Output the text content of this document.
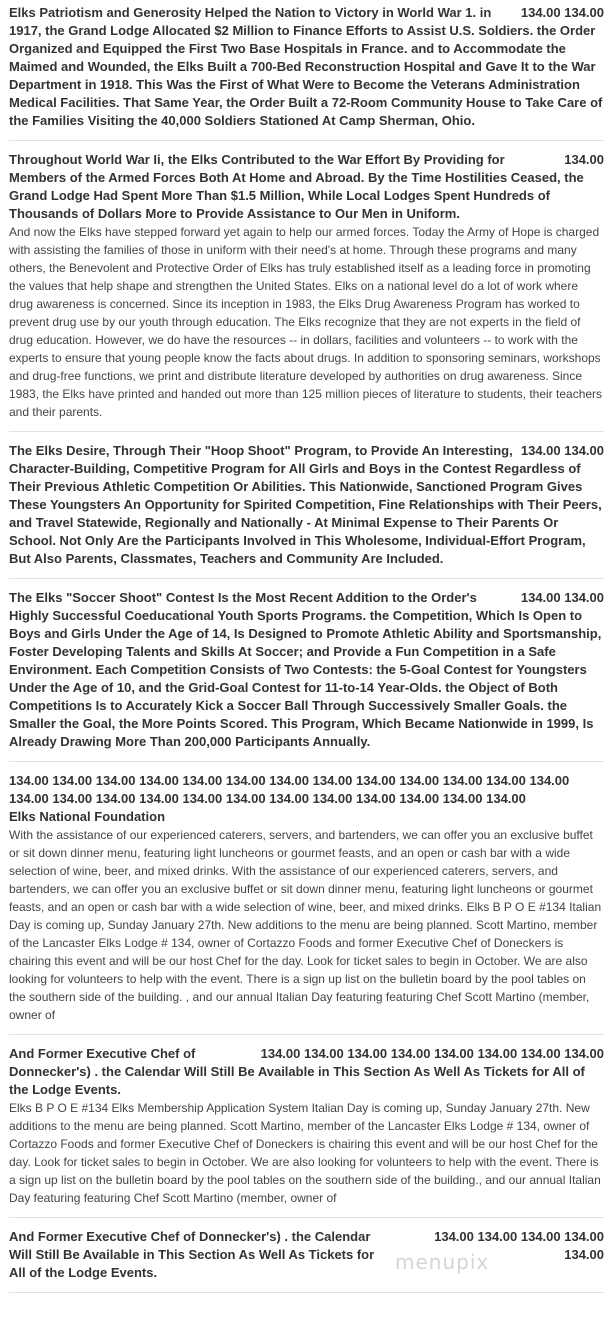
134.00 134.00

Elks Patriotism and Generosity Helped the Nation to Victory in World War 1. in 1917, the Grand Lodge Allocated $2 Million to Finance Efforts to Assist U.S. Soldiers. the Order Organized and Equipped the First Two Base Hospitals in France. and to Accommodate the Maimed and Wounded, the Elks Built a 700-Bed Reconstruction Hospital and Gave It to the War Department in 1918. This Was the First of What Were to Become the Veterans Administration Medical Facilities. That Same Year, the Order Built a 72-Room Community House to Take Care of the Families Visiting the 40,000 Soldiers Stationed At Camp Sherman, Ohio.

134.00

Throughout World War Ii, the Elks Contributed to the War Effort By Providing for Members of the Armed Forces Both At Home and Abroad. By the Time Hostilities Ceased, the Grand Lodge Had Spent More Than $1.5 Million, While Local Lodges Spent Hundreds of Thousands of Dollars More to Provide Assistance to Our Men in Uniform.

And now the Elks have stepped forward yet again to help our armed forces. Today the Army of Hope is charged with assisting the families of those in uniform with their need's at home. Through these programs and many others, the Benevolent and Protective Order of Elks has truly established itself as a leading force in promoting the values that help shape and strengthen the United States. Elks on a national level do a lot of work where drug awareness is concerned. Since its inception in 1983, the Elks Drug Awareness Program has worked to prevent drug use by our youth through education. The Elks recognize that they are not experts in the field of drug education. However, we do have the resources -- in dollars, facilities and volunteers -- to work with the experts to ensure that young people know the facts about drugs. In addition to sponsoring seminars, workshops and drug-free functions, we print and distribute literature developed by authorities on drug awareness. Since 1983, the Elks have printed and handed out more than 125 million pieces of literature to students, their teachers and their parents.

134.00 134.00

The Elks Desire, Through Their "Hoop Shoot" Program, to Provide An Interesting, Character-Building, Competitive Program for All Girls and Boys in the Contest Regardless of Their Previous Athletic Competition Or Abilities. This Nationwide, Sanctioned Program Gives These Youngsters An Opportunity for Spirited Competition, Fine Relationships with Their Peers, and Travel Statewide, Regionally and Nationally - At Minimal Expense to Their Parents Or School. Not Only Are the Participants Involved in This Wholesome, Individual-Effort Program, But Also Parents, Classmates, Teachers and Community Are Included.

134.00 134.00

The Elks "Soccer Shoot" Contest Is the Most Recent Addition to the Order's Highly Successful Coeducational Youth Sports Programs. the Competition, Which Is Open to Boys and Girls Under the Age of 14, Is Designed to Promote Athletic Ability and Sportsmanship, Foster Developing Talents and Skills At Soccer; and Provide a Fun Competition in a Safe Environment. Each Competition Consists of Two Contests: the 5-Goal Contest for Youngsters Under the Age of 10, and the Grid-Goal Contest for 11-to-14 Year-Olds. the Object of Both Competitions Is to Accurately Kick a Soccer Ball Through Successively Smaller Goals. the Smaller the Goal, the More Points Scored. This Program, Which Became Nationwide in 1999, Is Already Drawing More Than 200,000 Participants Annually.

134.00 134.00 134.00 134.00 134.00 134.00 134.00 134.00 134.00 134.00 134.00 134.00 134.00 134.00 134.00 134.00 134.00 134.00 134.00 134.00 134.00 134.00 134.00 134.00 134.00

Elks National Foundation

With the assistance of our experienced caterers, servers, and bartenders, we can offer you an exclusive buffet or sit down dinner menu, featuring light luncheons or gourmet feasts, and an open or cash bar with a wide selection of wine, beer, and mixed drinks. With the assistance of our experienced caterers, servers, and bartenders, we can offer you an exclusive buffet or sit down dinner menu, featuring light luncheons or gourmet feasts, and an open or cash bar with a wide selection of wine, beer, and mixed drinks. Elks B P O E #134 Italian Day is coming up, Sunday January 27th. New additions to the menu are being planned. Scott Martino, member of the Lancaster Elks Lodge # 134, owner of Cortazzo Foods and former Executive Chef of Doneckers is chairing this event and will be our host Chef for the day. Look for ticket sales to begin in October. We are also looking for volunteers to help with the event. There is a sign up list on the bulletin board by the pool tables on the southern side of the building. , and our annual Italian Day featuring featuring Chef Scott Martino (member, owner of

134.00 134.00 134.00 134.00 134.00 134.00 134.00 134.00

And Former Executive Chef of Donnecker's) . the Calendar Will Still Be Available in This Section As Well As Tickets for All of the Lodge Events.

Elks B P O E #134 Elks Membership Application System Italian Day is coming up, Sunday January 27th. New additions to the menu are being planned. Scott Martino, member of the Lancaster Elks Lodge # 134, owner of Cortazzo Foods and former Executive Chef of Doneckers is chairing this event and will be our host Chef for the day. Look for ticket sales to begin in October. We are also looking for volunteers to help with the event. There is a sign up list on the bulletin board by the pool tables on the southern side of the building., and our annual Italian Day featuring featuring Chef Scott Martino (member, owner of

134.00 134.00 134.00 134.00 134.00

And Former Executive Chef of Donnecker's) . the Calendar Will Still Be Available in This Section As Well As Tickets for All of the Lodge Events.	menupix
